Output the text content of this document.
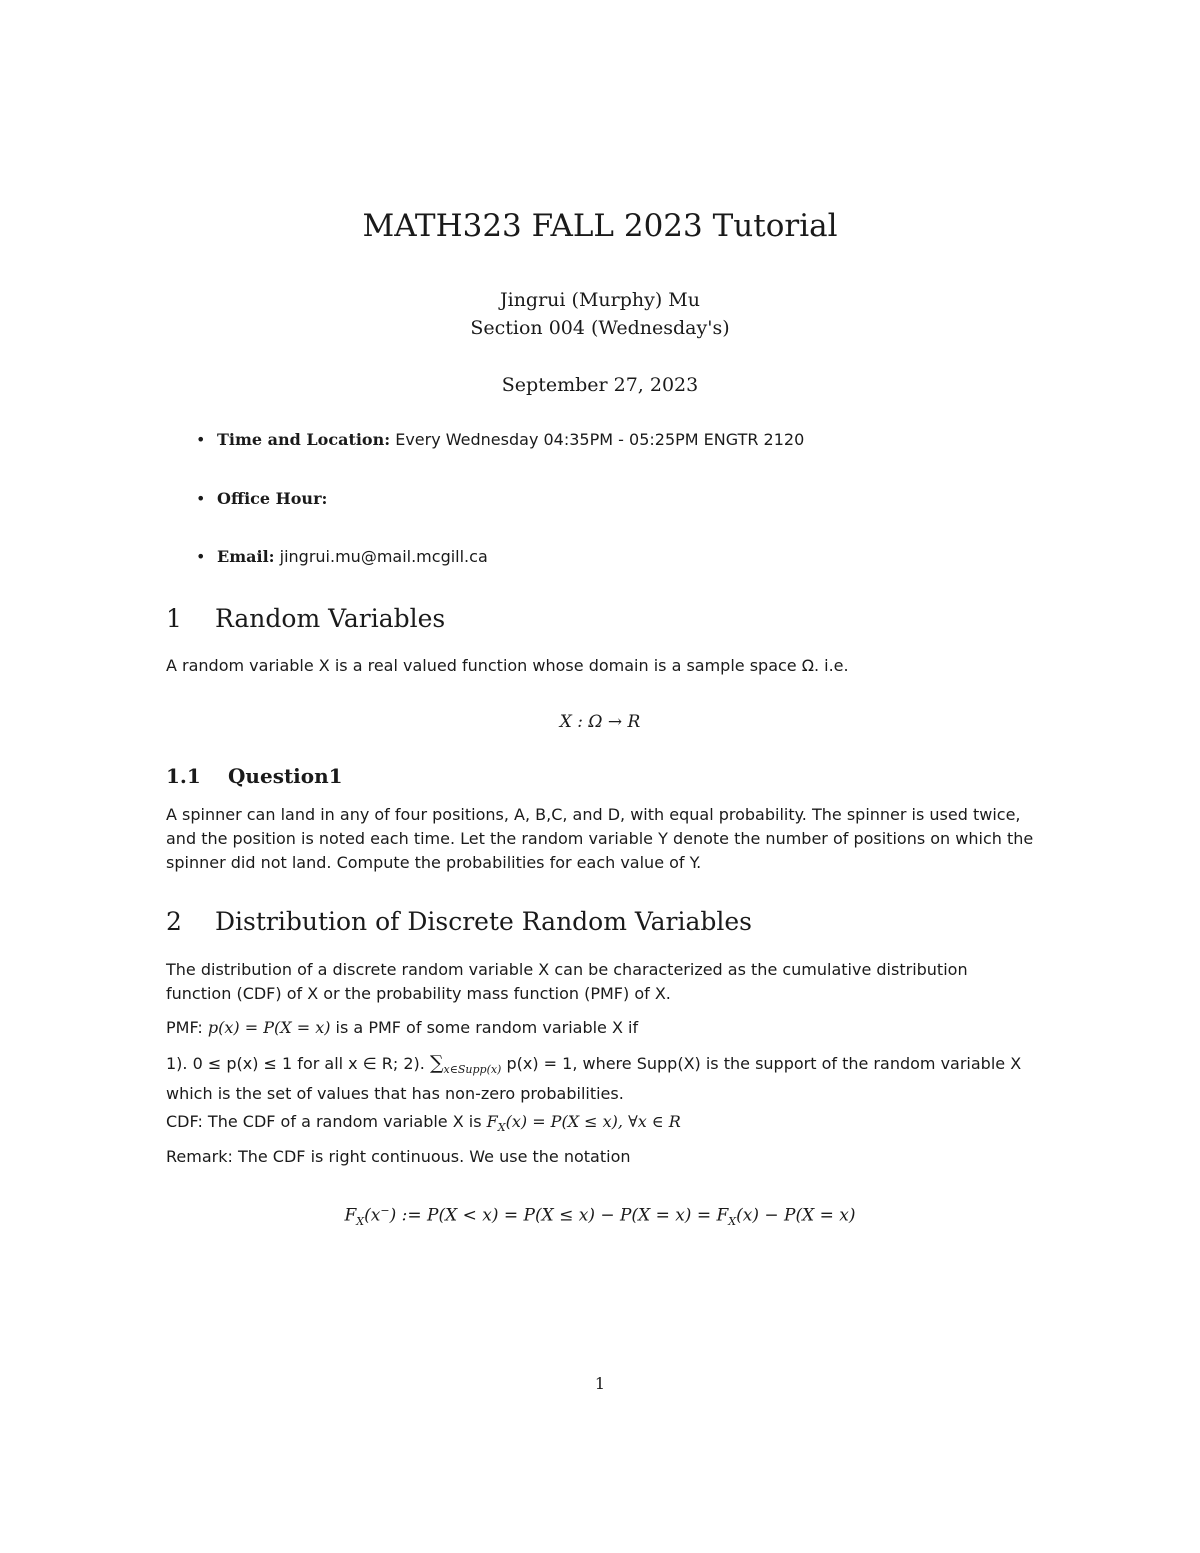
MATH323 FALL 2023 Tutorial
Jingrui (Murphy) Mu
Section 004 (Wednesday's)
September 27, 2023
• Time and Location: Every Wednesday 04:35PM - 05:25PM ENGTR 2120
• Office Hour:
• Email: jingrui.mu@mail.mcgill.ca
1 Random Variables
A random variable X is a real valued function whose domain is a sample space Ω. i.e.
X : Ω → R
1.1 Question1
A spinner can land in any of four positions, A, B,C, and D, with equal probability. The spinner is used twice, and the position is noted each time. Let the random variable Y denote the number of positions on which the spinner did not land. Compute the probabilities for each value of Y.
2 Distribution of Discrete Random Variables
The distribution of a discrete random variable X can be characterized as the cumulative distribution function (CDF) of X or the probability mass function (PMF) of X.
PMF: p(x) = P(X = x) is a PMF of some random variable X if
1). 0 ≤ p(x) ≤ 1 for all x ∈ R; 2). $\sum_{x\in Supp(x)}$ p(x) = 1, where Supp(X) is the support of the random variable X which is the set of values that has non-zero probabilities.
CDF: The CDF of a random variable X is $F_X(x) = P(X \le x)$, ∀x ∈ R
Remark: The CDF is right continuous. We use the notation
$F_X(x^-)$ := $P(X < x) = P(X \le x) - P(X = x) = F_X(x) - P(X = x)$
1
